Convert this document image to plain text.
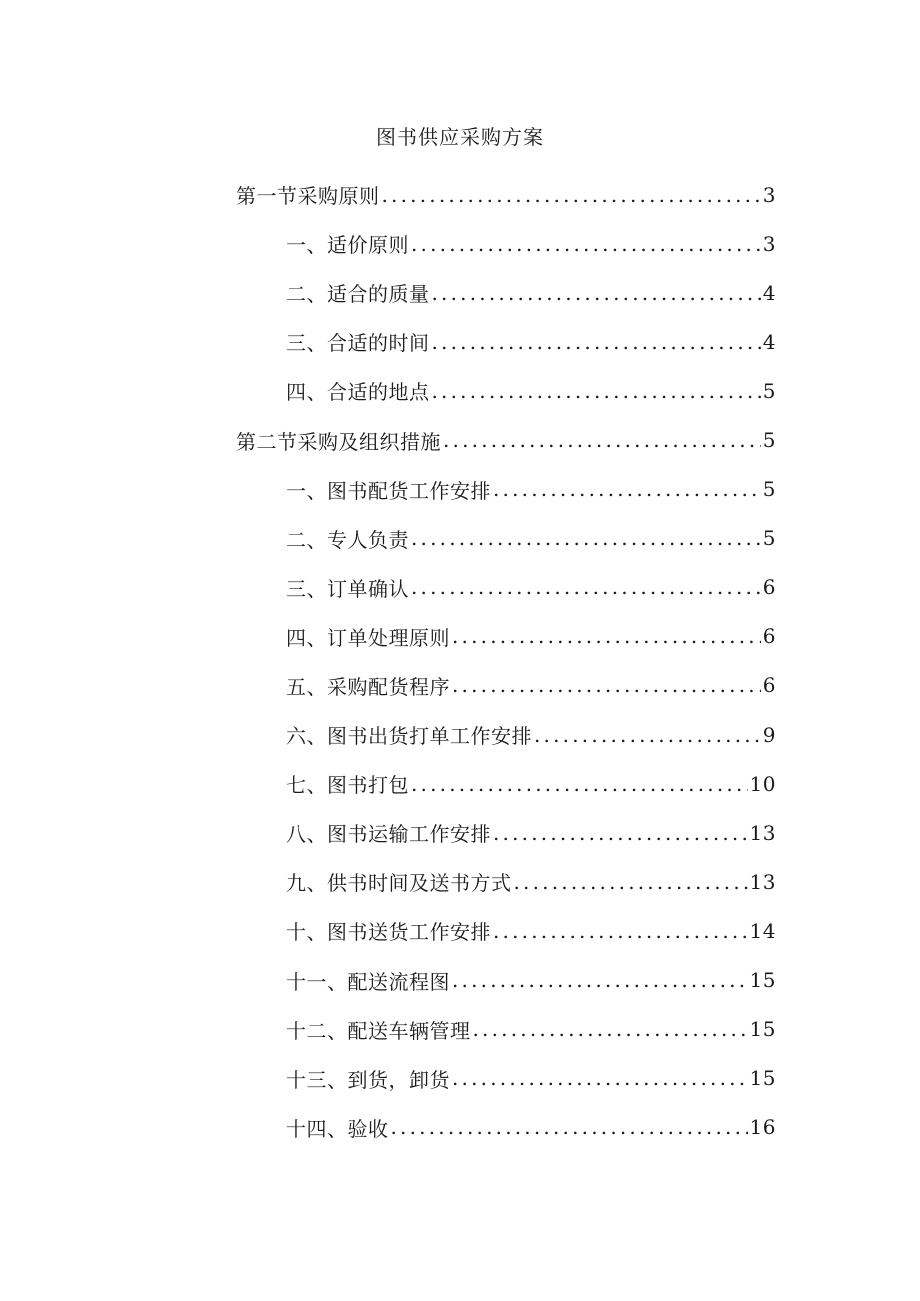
图书供应采购方案
第一节采购原则 .....	3
一、适价原则 .....	3
二、适合的质量 .....	4
三、合适的时间 .....	4
四、合适的地点 .....	5
第二节采购及组织措施 .....	5
一、图书配货工作安排 .....	5
二、专人负责 .....	5
三、订单确认 .....	6
四、订单处理原则 .....	6
五、采购配货程序 .....	6
六、图书出货打单工作安排 .....	9
七、图书打包 .....	10
八、图书运输工作安排 .....	13
九、供书时间及送书方式 .....	13
十、图书送货工作安排 .....	14
十一、配送流程图 .....	15
十二、配送车辆管理 .....	15
十三、到货，卸货 .....	15
十四、验收 .....	16
